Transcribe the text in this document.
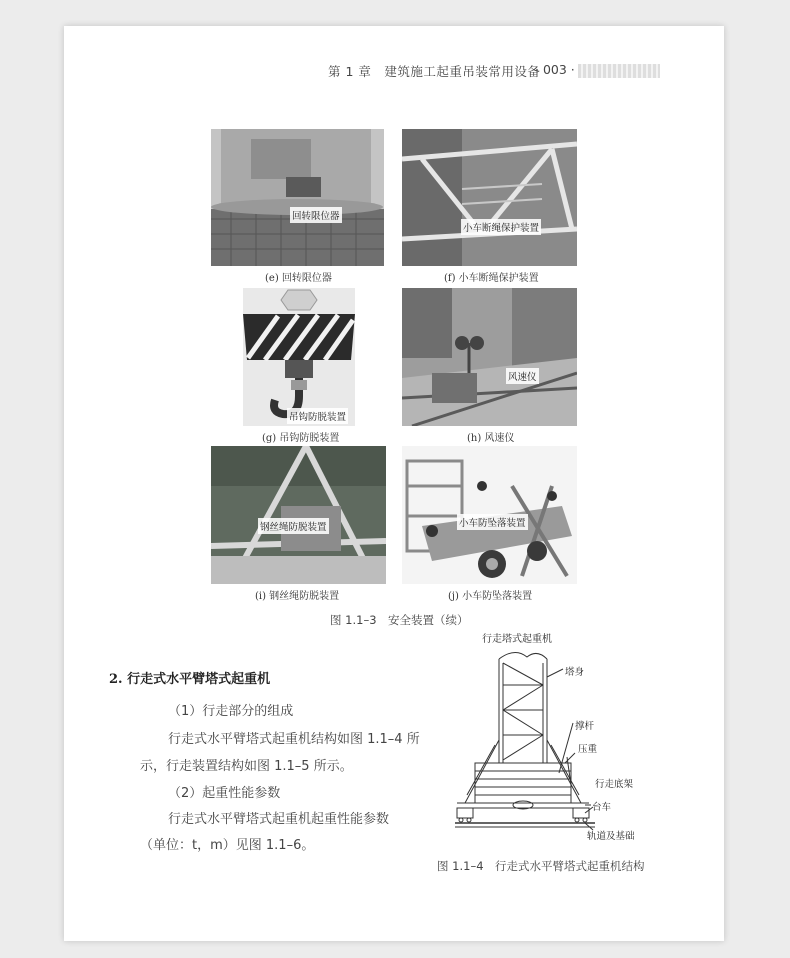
第 1 章　建筑施工起重吊装常用设备
· 003 ·
回转限位器
(e) 回转限位器
小车断绳保护装置
(f) 小车断绳保护装置
吊钩防脱装置
(g) 吊钩防脱装置
风速仪
(h) 风速仪
钢丝绳防脱装置
(i) 钢丝绳防脱装置
小车防坠落装置
(j) 小车防坠落装置
图 1.1–3　安全装置（续）
2. 行走式水平臂塔式起重机
（1）行走部分的组成
行走式水平臂塔式起重机结构如图 1.1–4 所
示，行走装置结构如图 1.1–5 所示。
（2）起重性能参数
行走式水平臂塔式起重机起重性能参数
（单位：t，m）见图 1.1–6。
行走塔式起重机
塔身
撑杆
压重
行走底架
台车
轨道及基础
图 1.1–4　行走式水平臂塔式起重机结构
